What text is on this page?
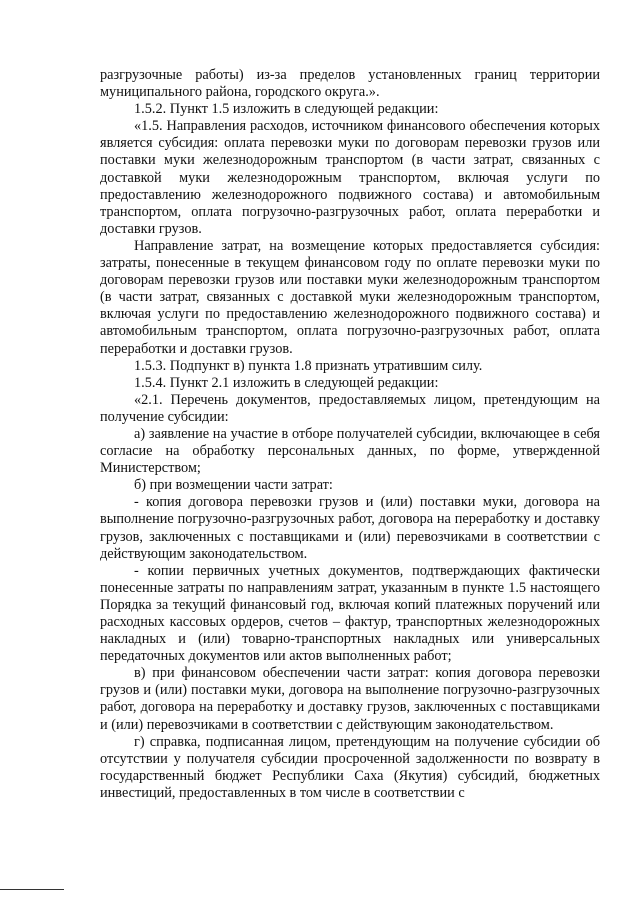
разгрузочные работы) из-за пределов установленных границ территории муниципального района, городского округа.».

1.5.2. Пункт 1.5 изложить в следующей редакции:

«1.5. Направления расходов, источником финансового обеспечения которых является субсидия: оплата перевозки муки по договорам перевозки грузов или поставки муки железнодорожным транспортом (в части затрат, связанных с доставкой муки железнодорожным транспортом, включая услуги по предоставлению железнодорожного подвижного состава) и автомобильным транспортом, оплата погрузочно-разгрузочных работ, оплата переработки и доставки грузов.

Направление затрат, на возмещение которых предоставляется субсидия: затраты, понесенные в текущем финансовом году по оплате перевозки муки по договорам перевозки грузов или поставки муки железнодорожным транспортом (в части затрат, связанных с доставкой муки железнодорожным транспортом, включая услуги по предоставлению железнодорожного подвижного состава) и автомобильным транспортом, оплата погрузочно-разгрузочных работ, оплата переработки и доставки грузов.

1.5.3. Подпункт в) пункта 1.8 признать утратившим силу.

1.5.4. Пункт 2.1 изложить в следующей редакции:

«2.1. Перечень документов, предоставляемых лицом, претендующим на получение субсидии:

а) заявление на участие в отборе получателей субсидии, включающее в себя согласие на обработку персональных данных, по форме, утвержденной Министерством;

б) при возмещении части затрат:

- копия договора перевозки грузов и (или) поставки муки, договора на выполнение погрузочно-разгрузочных работ, договора на переработку и доставку грузов, заключенных с поставщиками и (или) перевозчиками в соответствии с действующим законодательством.

- копии первичных учетных документов, подтверждающих фактически понесенные затраты по направлениям затрат, указанным в пункте 1.5 настоящего Порядка за текущий финансовый год, включая копий платежных поручений или расходных кассовых ордеров, счетов – фактур, транспортных железнодорожных накладных и (или) товарно-транспортных накладных или универсальных передаточных документов или актов выполненных работ;

в) при финансовом обеспечении части затрат: копия договора перевозки грузов и (или) поставки муки, договора на выполнение погрузочно-разгрузочных работ, договора на переработку и доставку грузов, заключенных с поставщиками и (или) перевозчиками в соответствии с действующим законодательством.

г) справка, подписанная лицом, претендующим на получение субсидии об отсутствии у получателя субсидии просроченной задолженности по возврату в государственный бюджет Республики Саха (Якутия) субсидий, бюджетных инвестиций, предоставленных в том числе в соответствии с
